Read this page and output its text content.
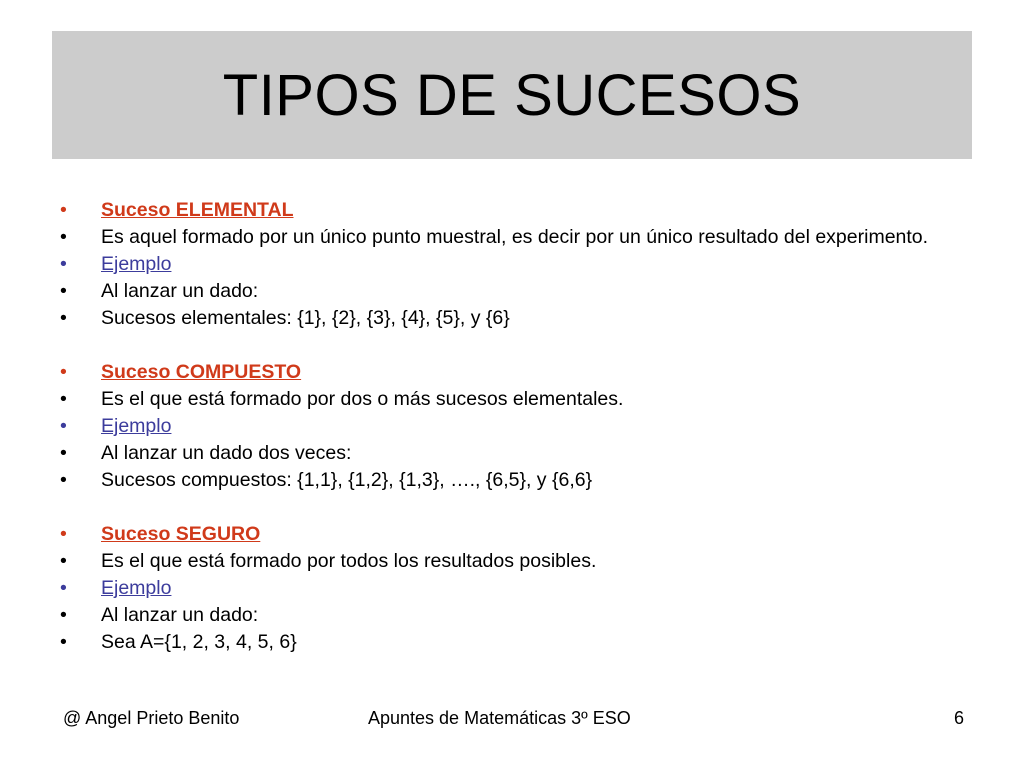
TIPOS DE SUCESOS
• Suceso ELEMENTAL
• Es aquel formado por un único punto muestral, es decir por un único resultado del experimento.
• Ejemplo
• Al lanzar un dado:
• Sucesos elementales: {1}, {2}, {3}, {4}, {5}, y {6}
• Suceso COMPUESTO
• Es el que está formado por dos o más sucesos elementales.
• Ejemplo
• Al lanzar un dado dos veces:
• Sucesos compuestos: {1,1}, {1,2}, {1,3}, …., {6,5}, y {6,6}
• Suceso SEGURO
• Es el que está formado por todos los resultados posibles.
• Ejemplo
• Al lanzar un dado:
• Sea A={1, 2, 3, 4, 5, 6}
@ Angel Prieto Benito	Apuntes de Matemáticas 3º ESO	6
